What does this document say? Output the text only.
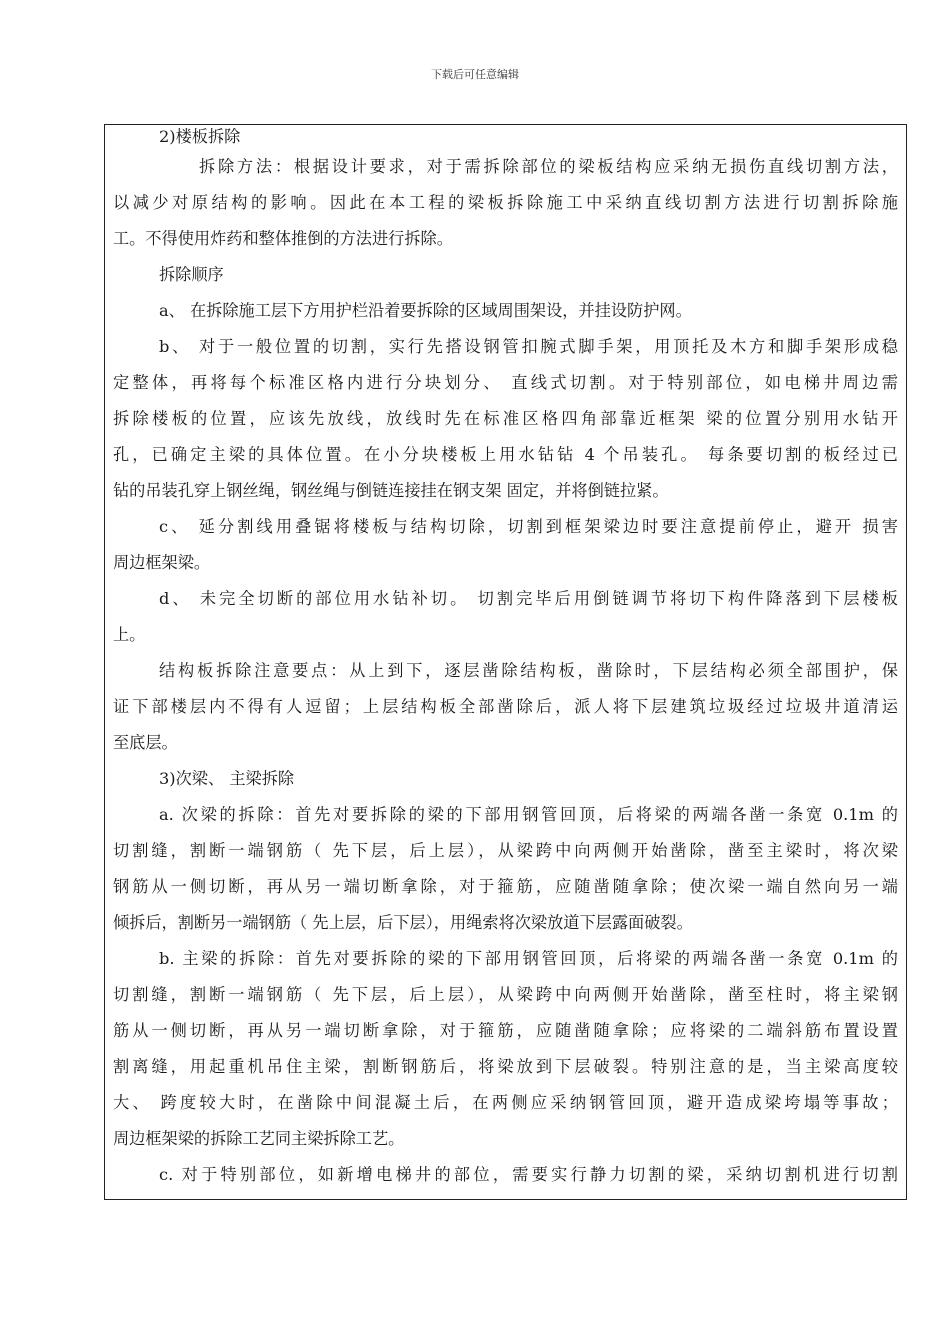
下载后可任意编辑
2)楼板拆除
拆除方法：根据设计要求，对于需拆除部位的梁板结构应采纳无损伤直线切割方法，
以减少对原结构的影响。因此在本工程的梁板拆除施工中采纳直线切割方法进行切割拆除施
工。不得使用炸药和整体推倒的方法进行拆除。
拆除顺序
a、 在拆除施工层下方用护栏沿着要拆除的区域周围架设，并挂设防护网。
b、 对于一般位置的切割，实行先搭设钢管扣腕式脚手架，用顶托及木方和脚手架形成稳
定整体，再将每个标准区格内进行分块划分、 直线式切割。对于特别部位，如电梯井周边需
拆除楼板的位置，应该先放线，放线时先在标准区格四角部靠近框架 梁的位置分别用水钻开
孔，已确定主梁的具体位置。在小分块楼板上用水钻钻 4 个吊装孔。 每条要切割的板经过已
钻的吊装孔穿上钢丝绳，钢丝绳与倒链连接挂在钢支架 固定，并将倒链拉紧。
c、 延分割线用叠锯将楼板与结构切除，切割到框架梁边时要注意提前停止，避开 损害
周边框架梁。
d、 未完全切断的部位用水钻补切。 切割完毕后用倒链调节将切下构件降落到下层楼板
上。
结构板拆除注意要点：从上到下，逐层凿除结构板，凿除时，下层结构必须全部围护，保
证下部楼层内不得有人逗留；上层结构板全部凿除后，派人将下层建筑垃圾经过垃圾井道清运
至底层。
3)次梁、 主梁拆除
a. 次梁的拆除：首先对要拆除的梁的下部用钢管回顶，后将梁的两端各凿一条宽 0.1m 的
切割缝，割断一端钢筋（ 先下层，后上层），从梁跨中向两侧开始凿除，凿至主梁时，将次梁
钢筋从一侧切断，再从另一端切断拿除，对于箍筋，应随凿随拿除；使次梁一端自然向另一端
倾拆后，割断另一端钢筋（ 先上层，后下层），用绳索将次梁放道下层露面破裂。
b. 主梁的拆除：首先对要拆除的梁的下部用钢管回顶，后将梁的两端各凿一条宽 0.1m 的
切割缝，割断一端钢筋（ 先下层，后上层），从梁跨中向两侧开始凿除，凿至柱时，将主梁钢
筋从一侧切断，再从另一端切断拿除，对于箍筋，应随凿随拿除；应将梁的二端斜筋布置设置
割离缝，用起重机吊住主梁，割断钢筋后，将梁放到下层破裂。特别注意的是，当主梁高度较
大、 跨度较大时，在凿除中间混凝土后，在两侧应采纳钢管回顶，避开造成梁垮塌等事故；
周边框架梁的拆除工艺同主梁拆除工艺。
c. 对于特别部位，如新增电梯井的部位，需要实行静力切割的梁，采纳切割机进行切割
